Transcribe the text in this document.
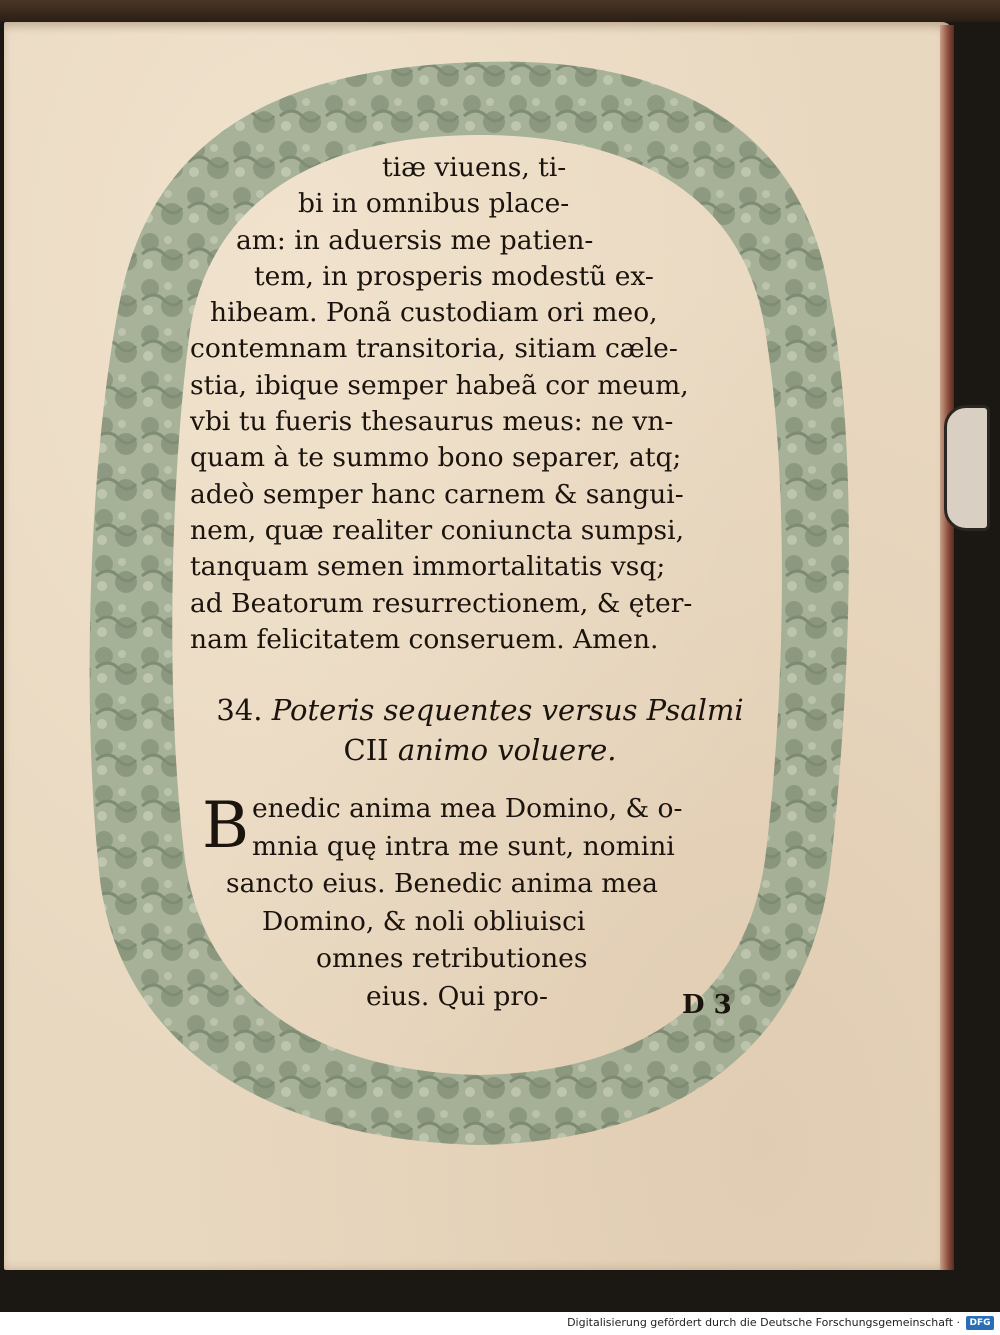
tiæ viuens, ti-
bi in omnibus place-
am: in aduersis me patien-
tem, in prosperis modestũ ex-
hibeam. Ponã custodiam ori meo,
contemnam transitoria, sitiam cæle-
stia, ibique semper habeã cor meum,
vbi tu fueris thesaurus meus: ne vn-
quam à te summo bono separer, atq;
adeò semper hanc carnem & sangui-
nem, quæ realiter coniuncta sumpsi,
tanquam semen immortalitatis vsq;
ad Beatorum resurrectionem, & ęter-
nam felicitatem conseruem. Amen.
34. Poteris sequentes versus Psalmi
CII animo voluere.
B enedic anima mea Domino, & o-
mnia quę intra me sunt, nomini
sancto eius. Benedic anima mea
Domino, & noli obliuisci
omnes retributiones
eius. Qui pro-	D 3
Digitalisierung gefördert durch die Deutsche Forschungsgemeinschaft ·	DFG
